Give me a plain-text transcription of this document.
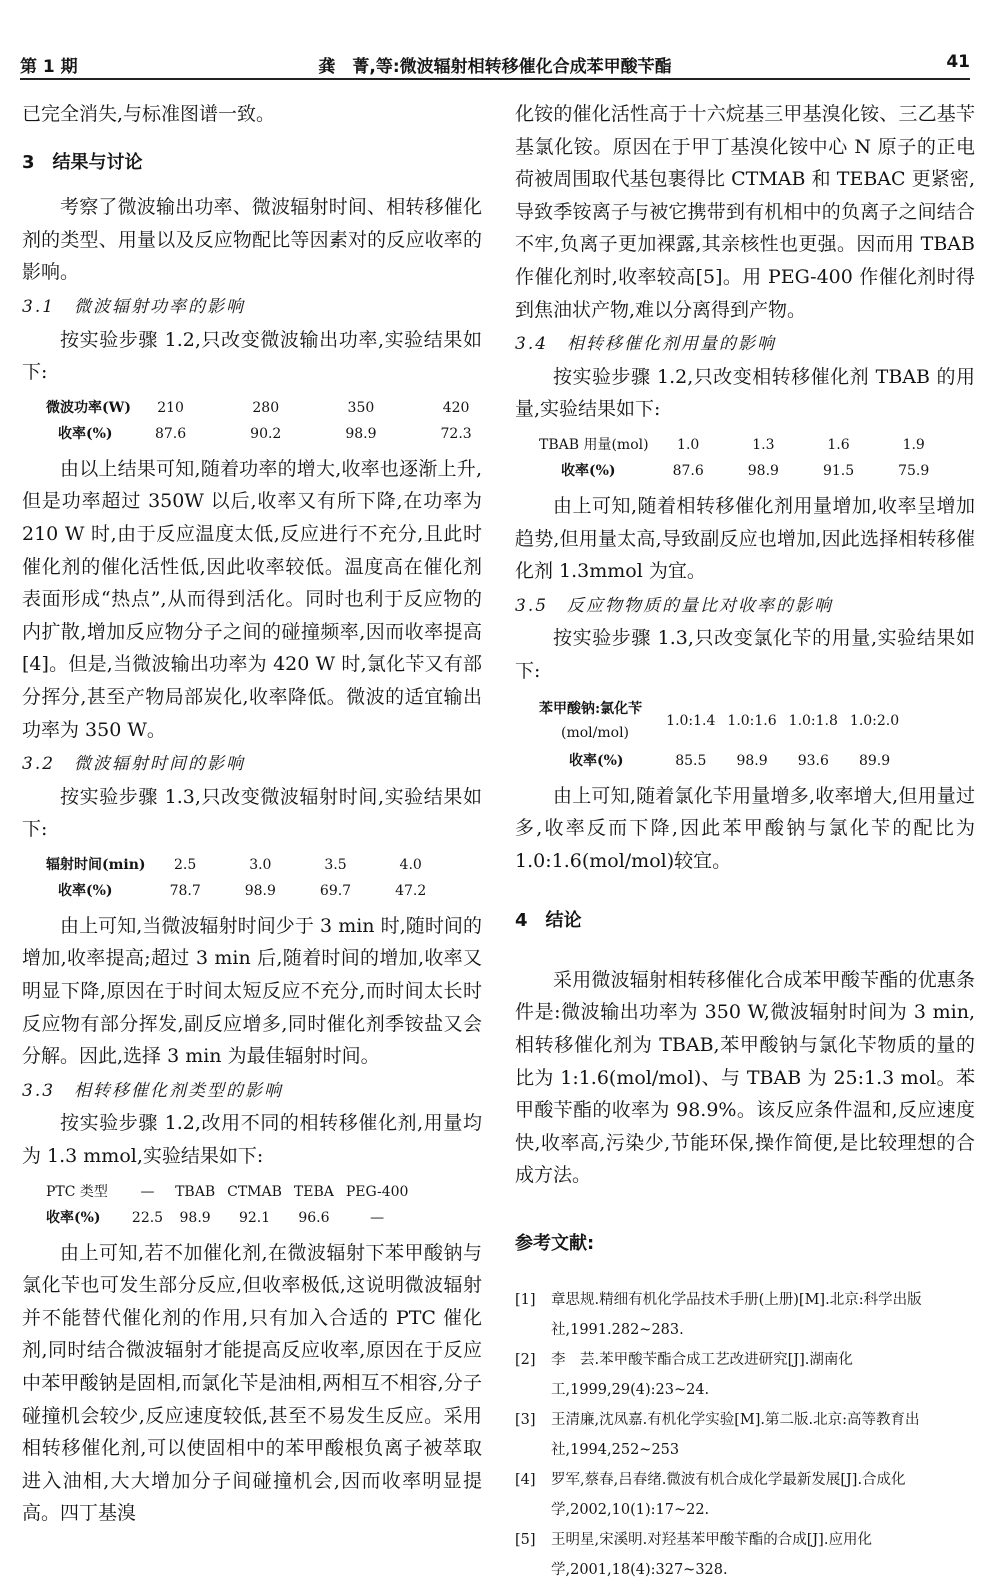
第 1 期	龚　菁,等:微波辐射相转移催化合成苯甲酸苄酯	41

已完全消失,与标准图谱一致。

3　结果与讨论

考察了微波输出功率、微波辐射时间、相转移催化剂的类型、用量以及反应物配比等因素对的反应收率的影响。

3.1　微波辐射功率的影响

按实验步骤 1.2,只改变微波输出功率,实验结果如下:

微波功率(W)	210		280		350		420
收率(%)	87.6		90.2		98.9		72.3

由以上结果可知,随着功率的增大,收率也逐渐上升,但是功率超过 350W 以后,收率又有所下降,在功率为 210 W 时,由于反应温度太低,反应进行不充分,且此时催化剂的催化活性低,因此收率较低。温度高在催化剂表面形成“热点”,从而得到活化。同时也利于反应物的内扩散,增加反应物分子之间的碰撞频率,因而收率提高[4]。但是,当微波输出功率为 420 W 时,氯化苄又有部分挥分,甚至产物局部炭化,收率降低。微波的适宜输出功率为 350 W。

3.2　微波辐射时间的影响

按实验步骤 1.3,只改变微波辐射时间,实验结果如下:

辐射时间(min)	2.5		3.0		3.5		4.0
收率(%)	78.7		98.9		69.7		47.2

由上可知,当微波辐射时间少于 3 min 时,随时间的增加,收率提高;超过 3 min 后,随着时间的增加,收率又明显下降,原因在于时间太短反应不充分,而时间太长时反应物有部分挥发,副反应增多,同时催化剂季铵盐又会分解。因此,选择 3 min 为最佳辐射时间。

3.3　相转移催化剂类型的影响

按实验步骤 1.2,改用不同的相转移催化剂,用量均为 1.3 mmol,实验结果如下:

PTC 类型	—	TBAB	CTMAB	TEBA	PEG-400
收率(%)	22.5	98.9	92.1	96.6	—

由上可知,若不加催化剂,在微波辐射下苯甲酸钠与氯化苄也可发生部分反应,但收率极低,这说明微波辐射并不能替代催化剂的作用,只有加入合适的 PTC 催化剂,同时结合微波辐射才能提高反应收率,原因在于反应中苯甲酸钠是固相,而氯化苄是油相,两相互不相容,分子碰撞机会较少,反应速度较低,甚至不易发生反应。采用相转移催化剂,可以使固相中的苯甲酸根负离子被萃取进入油相,大大增加分子间碰撞机会,因而收率明显提高。四丁基溴

化铵的催化活性高于十六烷基三甲基溴化铵、三乙基苄基氯化铵。原因在于甲丁基溴化铵中心 N 原子的正电荷被周围取代基包裹得比 CTMAB 和 TEBAC 更紧密,导致季铵离子与被它携带到有机相中的负离子之间结合不牢,负离子更加裸露,其亲核性也更强。因而用 TBAB 作催化剂时,收率较高[5]。用 PEG-400 作催化剂时得到焦油状产物,难以分离得到产物。

3.4　相转移催化剂用量的影响

按实验步骤 1.2,只改变相转移催化剂 TBAB 的用量,实验结果如下:

TBAB 用量(mol)	1.0		1.3		1.6		1.9
收率(%)	87.6		98.9		91.5		75.9

由上可知,随着相转移催化剂用量增加,收率呈增加趋势,但用量太高,导致副反应也增加,因此选择相转移催化剂 1.3mmol 为宜。

3.5　反应物物质的量比对收率的影响

按实验步骤 1.3,只改变氯化苄的用量,实验结果如下:

苯甲酸钠:氯化苄
(mol/mol)	1.0:1.4	1.0:1.6	1.0:1.8	1.0:2.0
收率(%)	85.5	98.9	93.6	89.9

由上可知,随着氯化苄用量增多,收率增大,但用量过多,收率反而下降,因此苯甲酸钠与氯化苄的配比为 1.0:1.6(mol/mol)较宜。

4　结论

采用微波辐射相转移催化合成苯甲酸苄酯的优惠条件是:微波输出功率为 350 W,微波辐射时间为 3 min,相转移催化剂为 TBAB,苯甲酸钠与氯化苄物质的量的比为 1:1.6(mol/mol)、与 TBAB 为 25:1.3 mol。苯甲酸苄酯的收率为 98.9%。该反应条件温和,反应速度快,收率高,污染少,节能环保,操作简便,是比较理想的合成方法。

参考文献:
[1]	章思规.精细有机化学品技术手册(上册)[M].北京:科学出版社,1991.282~283.
[2]	李　芸.苯甲酸苄酯合成工艺改进研究[J].湖南化工,1999,29(4):23~24.
[3]	王清廉,沈凤嘉.有机化学实验[M].第二版.北京:高等教育出社,1994,252~253
[4]	罗军,蔡春,吕春绪.微波有机合成化学最新发展[J].合成化学,2002,10(1):17~22.
[5]	王明星,宋溪明.对羟基苯甲酸苄酯的合成[J].应用化学,2001,18(4):327~328.
